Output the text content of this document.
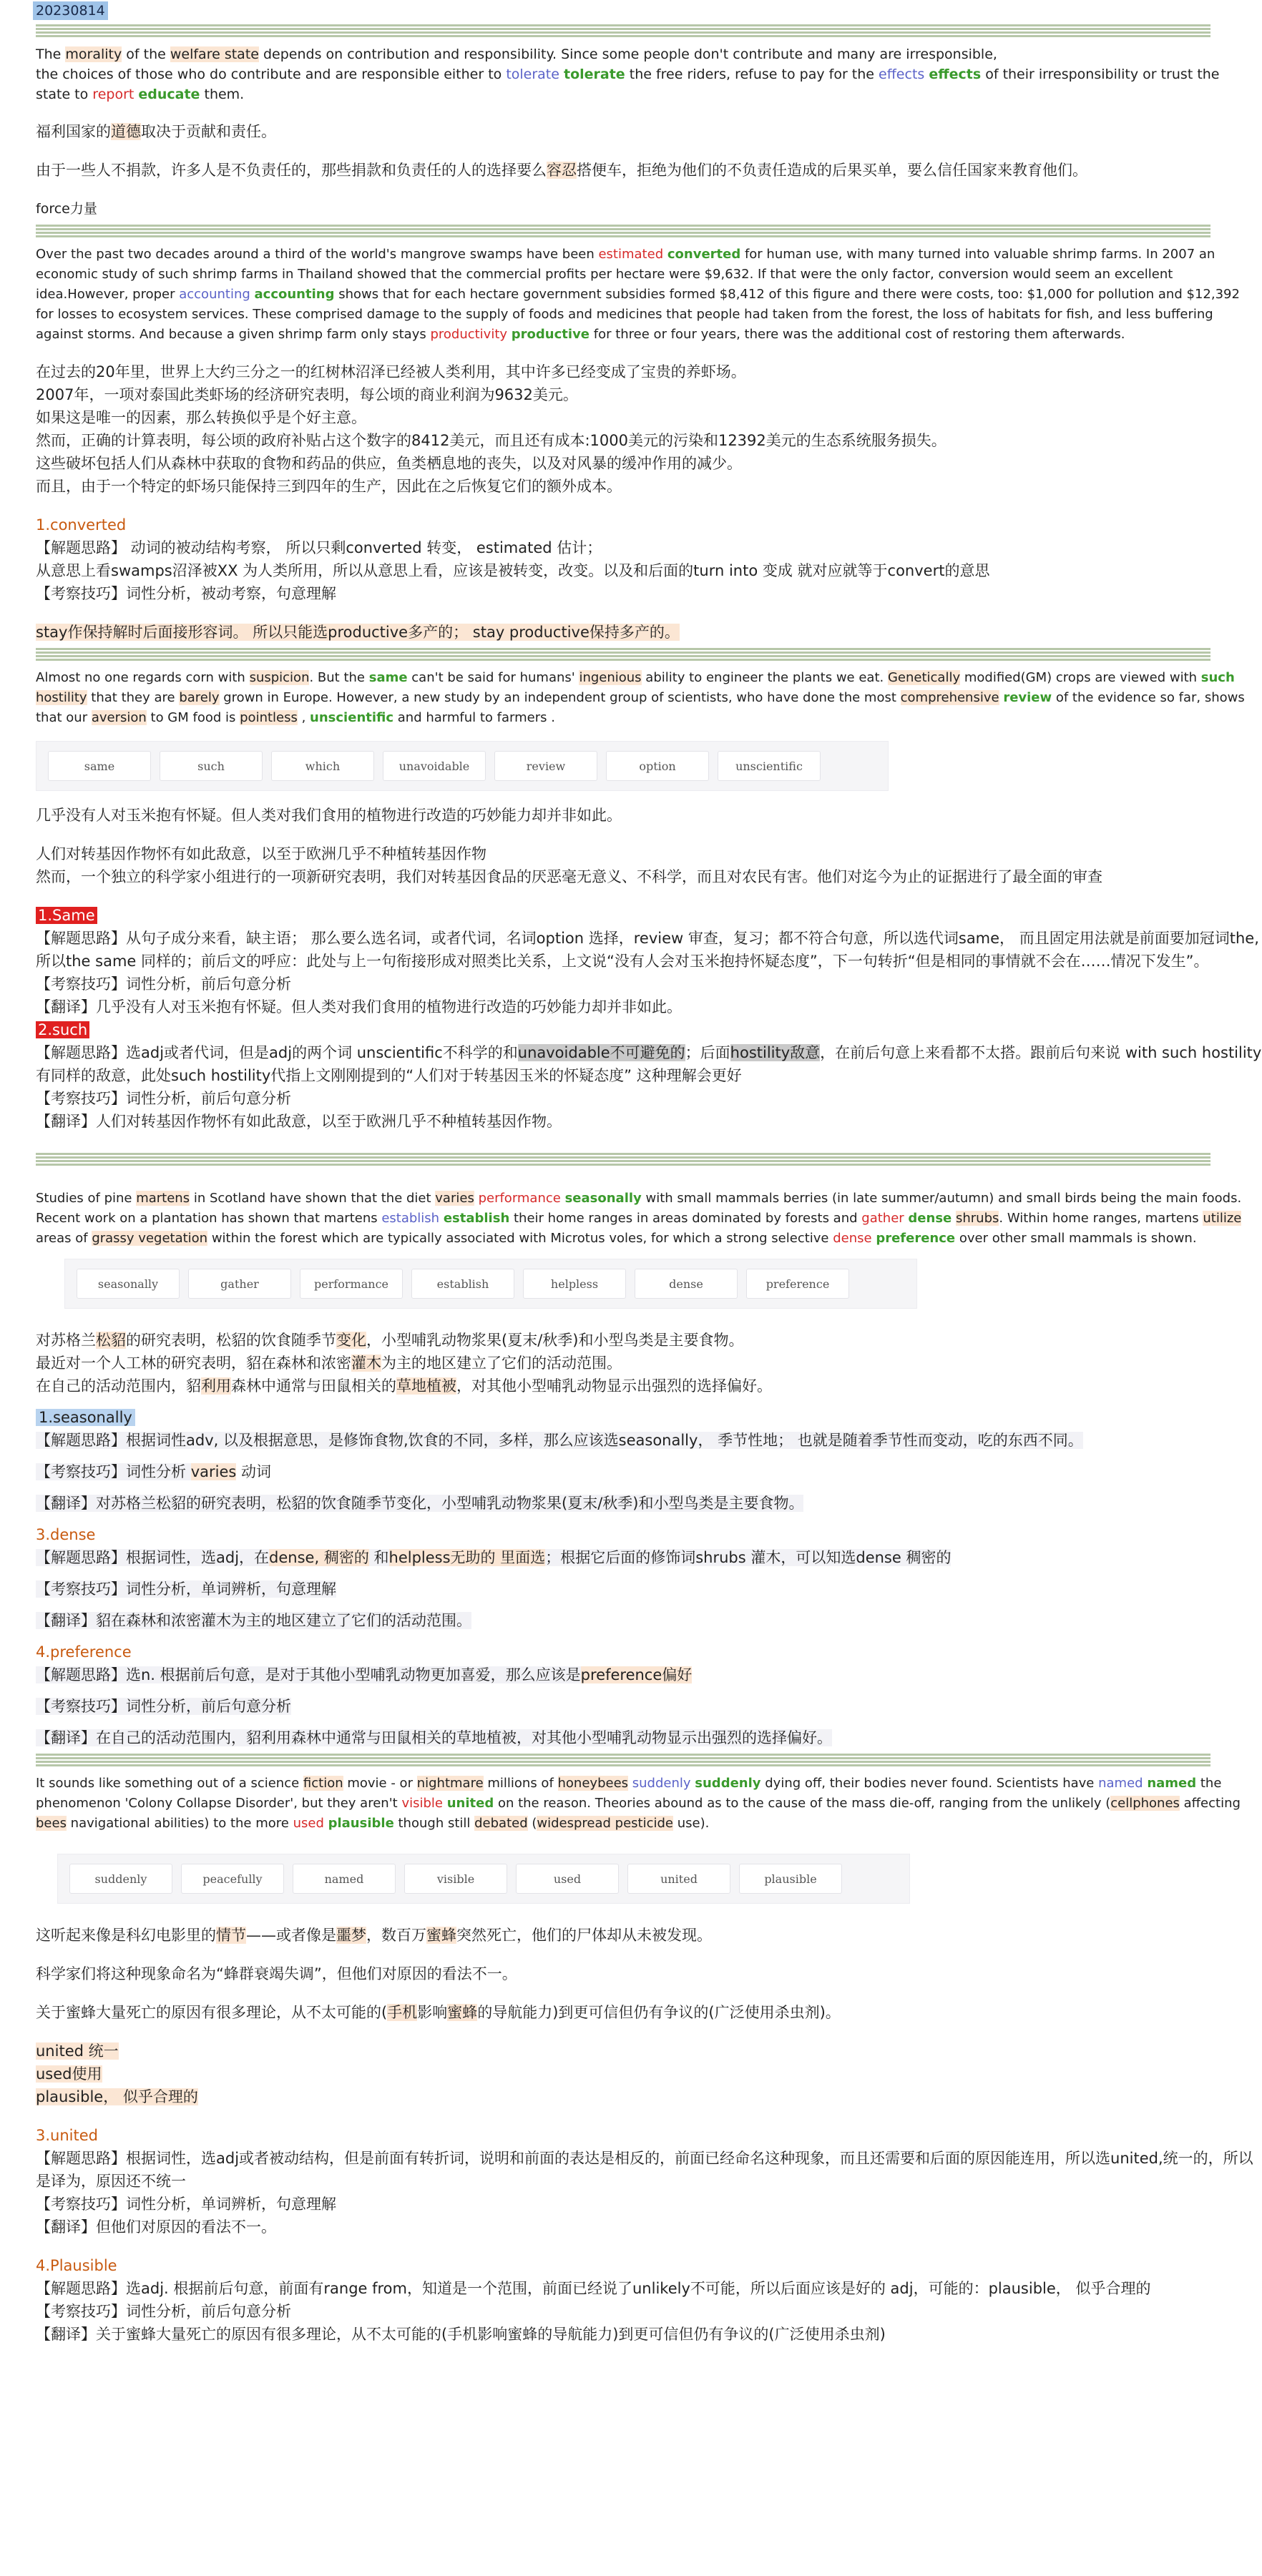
20230814

The morality of the welfare state depends on contribution and responsibility. Since some people don't contribute and many are irresponsible,
the choices of those who do contribute and are responsible either to tolerate tolerate the free riders, refuse to pay for the effects effects of their irresponsibility or trust the state to report educate them.

福利国家的道德取决于贡献和责任。

由于一些人不捐款，许多人是不负责任的，那些捐款和负责任的人的选择要么容忍搭便车，拒绝为他们的不负责任造成的后果买单，要么信任国家来教育他们。

force力量

Over the past two decades around a third of the world's mangrove swamps have been estimated converted for human use, with many turned into valuable shrimp farms. In 2007 an economic study of such shrimp farms in Thailand showed that the commercial profits per hectare were $9,632. If that were the only factor, conversion would seem an excellent idea.However, proper accounting accounting shows that for each hectare government subsidies formed $8,412 of this figure and there were costs, too: $1,000 for pollution and $12,392 for losses to ecosystem services. These comprised damage to the supply of foods and medicines that people had taken from the forest, the loss of habitats for fish, and less buffering against storms. And because a given shrimp farm only stays productivity productive for three or four years, there was the additional cost of restoring them afterwards.

在过去的20年里，世界上大约三分之一的红树林沼泽已经被人类利用，其中许多已经变成了宝贵的养虾场。

2007年，一项对泰国此类虾场的经济研究表明，每公顷的商业利润为9632美元。

如果这是唯一的因素，那么转换似乎是个好主意。

然而，正确的计算表明，每公顷的政府补贴占这个数字的8412美元，而且还有成本:1000美元的污染和12392美元的生态系统服务损失。

这些破坏包括人们从森林中获取的食物和药品的供应，鱼类栖息地的丧失，以及对风暴的缓冲作用的减少。

而且，由于一个特定的虾场只能保持三到四年的生产，因此在之后恢复它们的额外成本。

1.converted

【解题思路】 动词的被动结构考察， 所以只剩converted 转变， estimated 估计；

从意思上看swamps沼泽被XX 为人类所用，所以从意思上看，应该是被转变，改变。以及和后面的turn into 变成 就对应就等于convert的意思

【考察技巧】词性分析，被动考察，句意理解

stay作保持解时后面接形容词。 所以只能选productive多产的； stay productive保持多产的。

Almost no one regards corn with suspicion. But the same can't be said for humans' ingenious ability to engineer the plants we eat. Genetically modified(GM) crops are viewed with such hostility that they are barely grown in Europe. However, a new study by an independent group of scientists, who have done the most comprehensive review of the evidence so far, shows that our aversion to GM food is pointless , unscientific and harmful to farmers .

same	such	which	unavoidable	review	option	unscientific

几乎没有人对玉米抱有怀疑。但人类对我们食用的植物进行改造的巧妙能力却并非如此。

人们对转基因作物怀有如此敌意，以至于欧洲几乎不种植转基因作物

然而，一个独立的科学家小组进行的一项新研究表明，我们对转基因食品的厌恶毫无意义、不科学，而且对农民有害。他们对迄今为止的证据进行了最全面的审查

1.Same

【解题思路】从句子成分来看，缺主语； 那么要么选名词，或者代词，名词option 选择，review 审查，复习；都不符合句意，所以选代词same， 而且固定用法就是前面要加冠词the, 所以the same 同样的；前后文的呼应：此处与上一句衔接形成对照类比关系，上文说“没有人会对玉米抱持怀疑态度”，下一句转折“但是相同的事情就不会在……情况下发生”。

【考察技巧】词性分析，前后句意分析

【翻译】几乎没有人对玉米抱有怀疑。但人类对我们食用的植物进行改造的巧妙能力却并非如此。

2.such

【解题思路】选adj或者代词，但是adj的两个词 unscientific不科学的和unavoidable不可避免的；后面hostility敌意，在前后句意上来看都不太搭。跟前后句来说 with such hostility有同样的敌意，此处such hostility代指上文刚刚提到的“人们对于转基因玉米的怀疑态度” 这种理解会更好

【考察技巧】词性分析，前后句意分析

【翻译】人们对转基因作物怀有如此敌意，以至于欧洲几乎不种植转基因作物。

Studies of pine martens in Scotland have shown that the diet varies performance seasonally with small mammals berries (in late summer/autumn) and small birds being the main foods. Recent work on a plantation has shown that martens establish establish their home ranges in areas dominated by forests and gather dense shrubs. Within home ranges, martens utilize areas of grassy vegetation within the forest which are typically associated with Microtus voles, for which a strong selective dense preference over other small mammals is shown.

seasonally	gather	performance	establish	helpless	dense	preference

对苏格兰松貂的研究表明，松貂的饮食随季节变化，小型哺乳动物浆果(夏末/秋季)和小型鸟类是主要食物。

最近对一个人工林的研究表明，貂在森林和浓密灌木为主的地区建立了它们的活动范围。

在自己的活动范围内，貂利用森林中通常与田鼠相关的草地植被，对其他小型哺乳动物显示出强烈的选择偏好。

1.seasonally

【解题思路】根据词性adv, 以及根据意思，是修饰食物,饮食的不同，多样，那么应该选seasonally， 季节性地； 也就是随着季节性而变动，吃的东西不同。

【考察技巧】词性分析 varies 动词

【翻译】对苏格兰松貂的研究表明，松貂的饮食随季节变化，小型哺乳动物浆果(夏末/秋季)和小型鸟类是主要食物。

3.dense

【解题思路】根据词性，选adj，在dense, 稠密的 和helpless无助的 里面选；根据它后面的修饰词shrubs 灌木，可以知选dense 稠密的

【考察技巧】词性分析，单词辨析，句意理解

【翻译】貂在森林和浓密灌木为主的地区建立了它们的活动范围。

4.preference

【解题思路】选n. 根据前后句意，是对于其他小型哺乳动物更加喜爱，那么应该是preference偏好

【考察技巧】词性分析，前后句意分析

【翻译】在自己的活动范围内，貂利用森林中通常与田鼠相关的草地植被，对其他小型哺乳动物显示出强烈的选择偏好。

It sounds like something out of a science fiction movie - or nightmare millions of honeybees suddenly suddenly dying off, their bodies never found. Scientists have named named the phenomenon 'Colony Collapse Disorder', but they aren't visible united on the reason. Theories abound as to the cause of the mass die-off, ranging from the unlikely (cellphones affecting bees navigational abilities) to the more used plausible though still debated (widespread pesticide use).

suddenly	peacefully	named	visible	used	united	plausible

这听起来像是科幻电影里的情节——或者像是噩梦，数百万蜜蜂突然死亡，他们的尸体却从未被发现。

科学家们将这种现象命名为“蜂群衰竭失调”，但他们对原因的看法不一。

关于蜜蜂大量死亡的原因有很多理论，从不太可能的(手机影响蜜蜂的导航能力)到更可信但仍有争议的(广泛使用杀虫剂)。

united 统一

used使用

plausible， 似乎合理的

3.united

【解题思路】根据词性，选adj或者被动结构，但是前面有转折词，说明和前面的表达是相反的，前面已经命名这种现象，而且还需要和后面的原因能连用，所以选united,统一的，所以是译为，原因还不统一

【考察技巧】词性分析，单词辨析，句意理解

【翻译】但他们对原因的看法不一。

4.Plausible

【解题思路】选adj. 根据前后句意，前面有range from，知道是一个范围，前面已经说了unlikely不可能，所以后面应该是好的 adj，可能的：plausible， 似乎合理的

【考察技巧】词性分析，前后句意分析

【翻译】关于蜜蜂大量死亡的原因有很多理论，从不太可能的(手机影响蜜蜂的导航能力)到更可信但仍有争议的(广泛使用杀虫剂)
